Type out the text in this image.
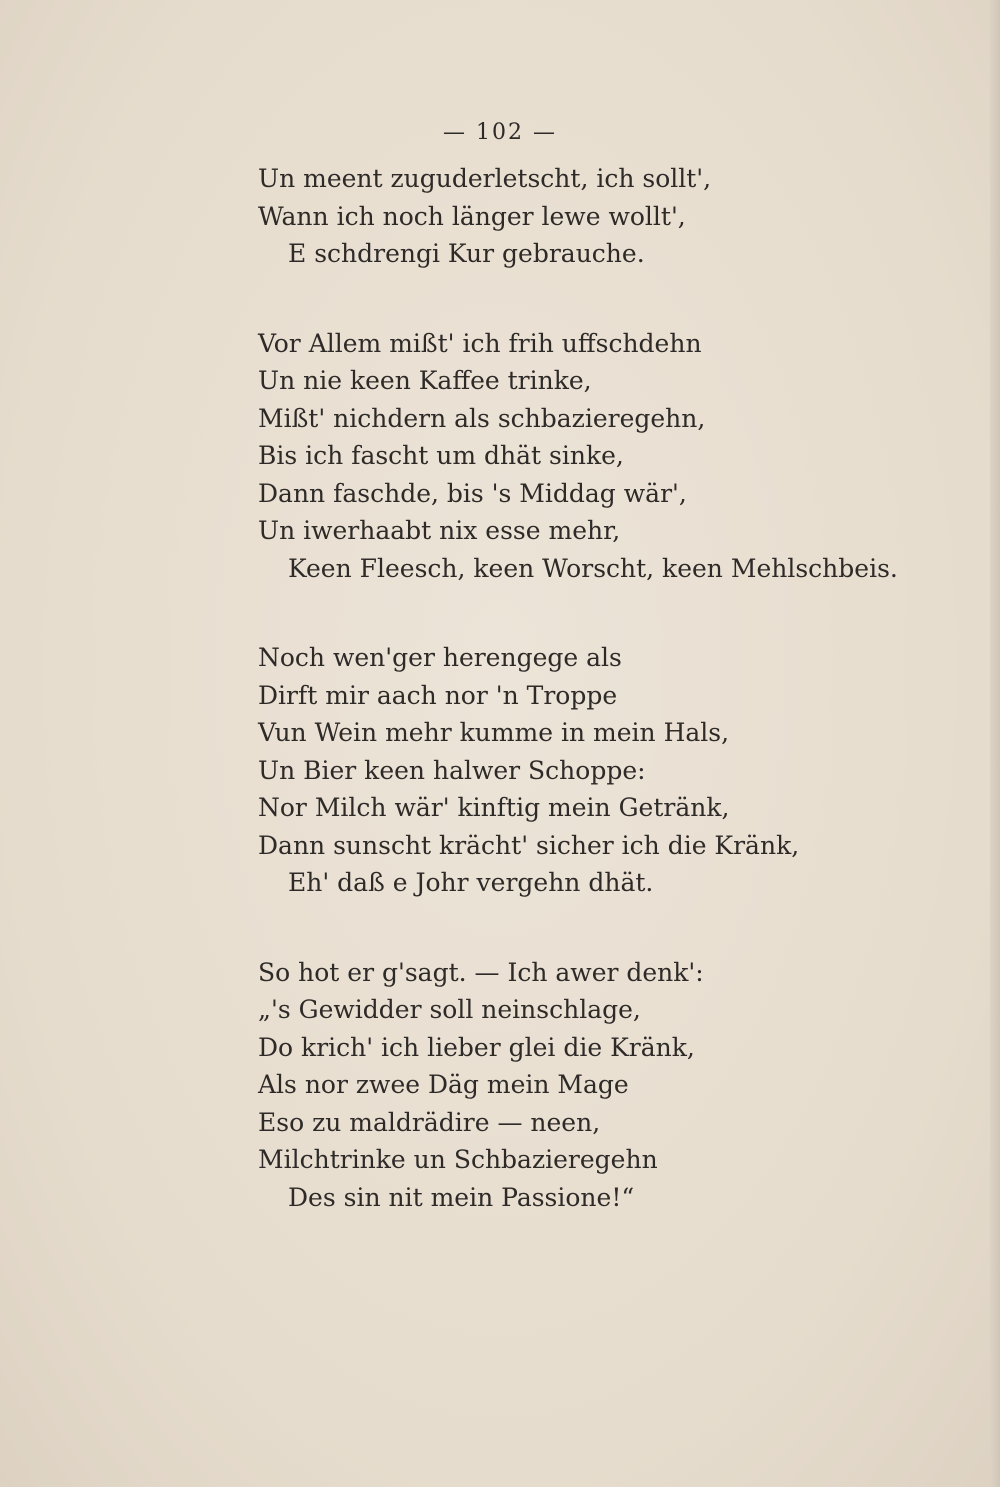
— 102 —
Un meent zuguderletscht, ich sollt',
Wann ich noch länger lewe wollt',
E schdrengi Kur gebrauche.
Vor Allem mißt' ich frih uffschdehn
Un nie keen Kaffee trinke,
Mißt' nichdern als schbazieregehn,
Bis ich fascht um dhät sinke,
Dann faschde, bis 's Middag wär',
Un iwerhaabt nix esse mehr,
Keen Fleesch, keen Worscht, keen Mehlschbeis.
Noch wen'ger herengege als
Dirft mir aach nor 'n Troppe
Vun Wein mehr kumme in mein Hals,
Un Bier keen halwer Schoppe:
Nor Milch wär' kinftig mein Getränk,
Dann sunscht krächt' sicher ich die Kränk,
Eh' daß e Johr vergehn dhät.
So hot er g'sagt. — Ich awer denk':
„'s Gewidder soll neinschlage,
Do krich' ich lieber glei die Kränk,
Als nor zwee Däg mein Mage
Eso zu maldrädire — neen,
Milchtrinke un Schbazieregehn
Des sin nit mein Passione!“
